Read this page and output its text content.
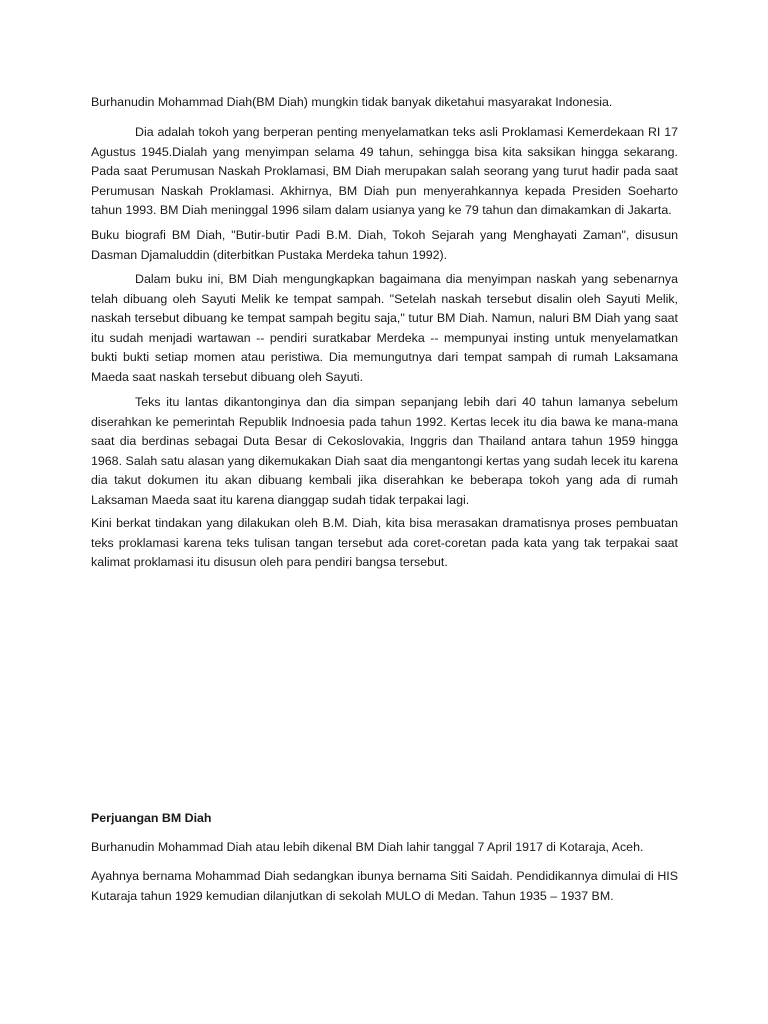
Burhanudin Mohammad Diah(BM Diah) mungkin tidak banyak diketahui masyarakat Indonesia.

Dia adalah tokoh yang berperan penting menyelamatkan teks asli Proklamasi Kemerdekaan RI 17 Agustus 1945.Dialah yang menyimpan selama 49 tahun, sehingga bisa kita saksikan hingga sekarang. Pada saat Perumusan Naskah Proklamasi, BM Diah merupakan salah seorang yang turut hadir pada saat Perumusan Naskah Proklamasi. Akhirnya, BM Diah pun menyerahkannya kepada Presiden Soeharto tahun 1993. BM Diah meninggal 1996 silam dalam usianya yang ke 79 tahun dan dimakamkan di Jakarta.

Buku biografi BM Diah, "Butir-butir Padi B.M. Diah, Tokoh Sejarah yang Menghayati Zaman", disusun Dasman Djamaluddin (diterbitkan Pustaka Merdeka tahun 1992).

Dalam buku ini, BM Diah mengungkapkan bagaimana dia menyimpan naskah yang sebenarnya telah dibuang oleh Sayuti Melik ke tempat sampah. "Setelah naskah tersebut disalin oleh Sayuti Melik, naskah tersebut dibuang ke tempat sampah begitu saja," tutur BM Diah. Namun, naluri BM Diah yang saat itu sudah menjadi wartawan -- pendiri suratkabar Merdeka -- mempunyai insting untuk menyelamatkan bukti bukti setiap momen atau peristiwa. Dia memungutnya dari tempat sampah di rumah Laksamana Maeda saat naskah tersebut dibuang oleh Sayuti.

Teks itu lantas dikantonginya dan dia simpan sepanjang lebih dari 40 tahun lamanya sebelum diserahkan ke pemerintah Republik Indnoesia pada tahun 1992. Kertas lecek itu dia bawa ke mana-mana saat dia berdinas sebagai Duta Besar di Cekoslovakia, Inggris dan Thailand antara tahun 1959 hingga 1968. Salah satu alasan yang dikemukakan Diah saat dia mengantongi kertas yang sudah lecek itu karena dia takut dokumen itu akan dibuang kembali jika diserahkan ke beberapa tokoh yang ada di rumah Laksaman Maeda saat itu karena dianggap sudah tidak terpakai lagi.

Kini berkat tindakan yang dilakukan oleh B.M. Diah, kita bisa merasakan dramatisnya proses pembuatan teks proklamasi karena teks tulisan tangan tersebut ada coret-coretan pada kata yang tak terpakai saat kalimat proklamasi itu disusun oleh para pendiri bangsa tersebut.

Perjuangan BM Diah

Burhanudin Mohammad Diah atau lebih dikenal BM Diah lahir tanggal 7 April 1917 di Kotaraja, Aceh.

Ayahnya bernama Mohammad Diah sedangkan ibunya bernama Siti Saidah. Pendidikannya dimulai di HIS Kutaraja tahun 1929 kemudian dilanjutkan di sekolah MULO di Medan. Tahun 1935 – 1937 BM.
